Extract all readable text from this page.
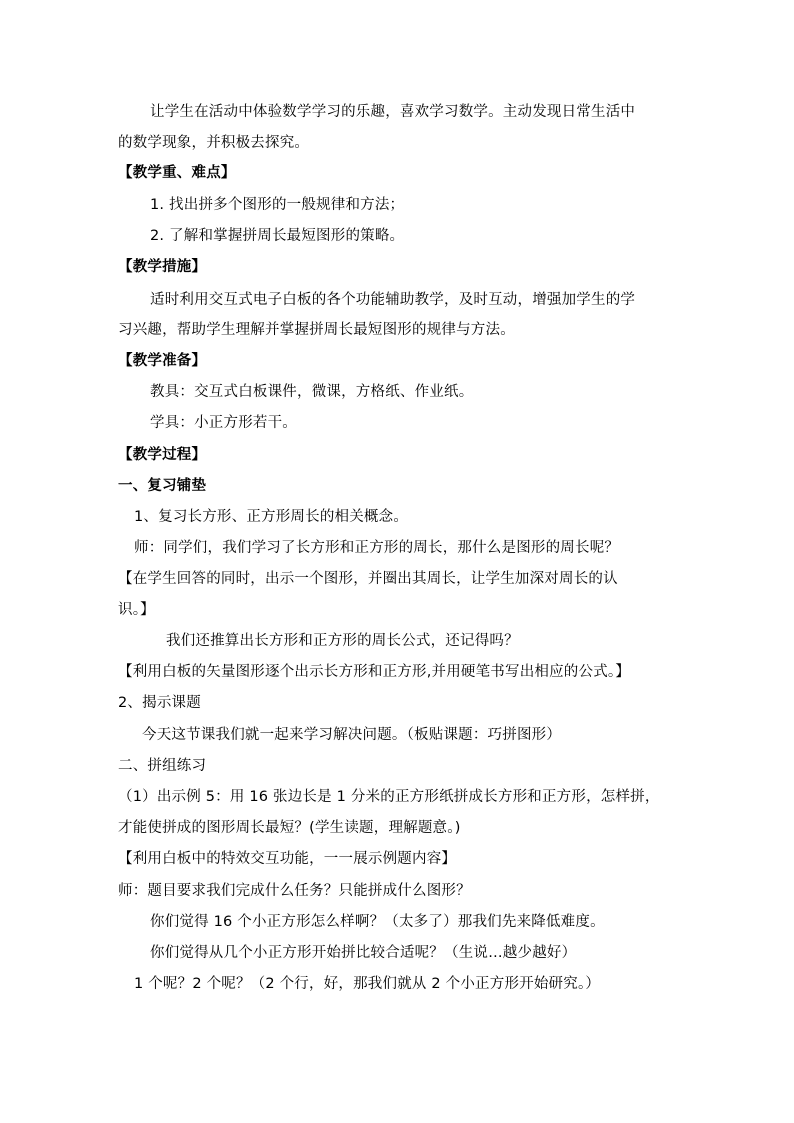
让学生在活动中体验数学学习的乐趣，喜欢学习数学。主动发现日常生活中
的数学现象，并积极去探究。
【教学重、难点】
1. 找出拼多个图形的一般规律和方法；
2. 了解和掌握拼周长最短图形的策略。
【教学措施】
适时利用交互式电子白板的各个功能辅助教学，及时互动，增强加学生的学
习兴趣，帮助学生理解并掌握拼周长最短图形的规律与方法。
【教学准备】
教具：交互式白板课件，微课，方格纸、作业纸。
学具：小正方形若干。
【教学过程】
一、复习铺垫
1、复习长方形、正方形周长的相关概念。
师：同学们，我们学习了长方形和正方形的周长，那什么是图形的周长呢？
【在学生回答的同时，出示一个图形，并圈出其周长，让学生加深对周长的认
识。】
我们还推算出长方形和正方形的周长公式，还记得吗？
【利用白板的矢量图形逐个出示长方形和正方形,并用硬笔书写出相应的公式。】
2、揭示课题
今天这节课我们就一起来学习解决问题。（板贴课题：巧拼图形）
二、拼组练习
（1）出示例 5：用 16 张边长是 1 分米的正方形纸拼成长方形和正方形，怎样拼，
才能使拼成的图形周长最短？(学生读题，理解题意。)
【利用白板中的特效交互功能，一一展示例题内容】
师：题目要求我们完成什么任务？只能拼成什么图形？
你们觉得 16 个小正方形怎么样啊？（太多了）那我们先来降低难度。
你们觉得从几个小正方形开始拼比较合适呢？（生说…越少越好）
1 个呢？2 个呢？（2 个行，好，那我们就从 2 个小正方形开始研究。）
